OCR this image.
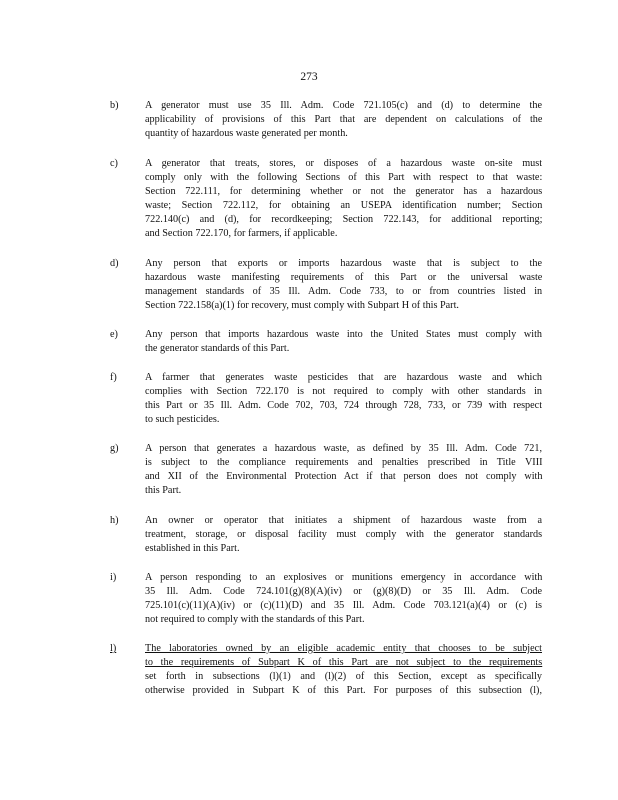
273
b)	A generator must use 35 Ill. Adm. Code 721.105(c) and (d) to determine the
applicability of provisions of this Part that are dependent on calculations of the
quantity of hazardous waste generated per month.
c)	A generator that treats, stores, or disposes of a hazardous waste on-site must
comply only with the following Sections of this Part with respect to that waste:
Section 722.111, for determining whether or not the generator has a hazardous
waste; Section 722.112, for obtaining an USEPA identification number; Section
722.140(c) and (d), for recordkeeping; Section 722.143, for additional reporting;
and Section 722.170, for farmers, if applicable.
d)	Any person that exports or imports hazardous waste that is subject to the
hazardous waste manifesting requirements of this Part or the universal waste
management standards of 35 Ill. Adm. Code 733, to or from countries listed in
Section 722.158(a)(1) for recovery, must comply with Subpart H of this Part.
e)	Any person that imports hazardous waste into the United States must comply with
the generator standards of this Part.
f)	A farmer that generates waste pesticides that are hazardous waste and which
complies with Section 722.170 is not required to comply with other standards in
this Part or 35 Ill. Adm. Code 702, 703, 724 through 728, 733, or 739 with respect
to such pesticides.
g)	A person that generates a hazardous waste, as defined by 35 Ill. Adm. Code 721,
is subject to the compliance requirements and penalties prescribed in Title VIII
and XII of the Environmental Protection Act if that person does not comply with
this Part.
h)	An owner or operator that initiates a shipment of hazardous waste from a
treatment, storage, or disposal facility must comply with the generator standards
established in this Part.
i)	A person responding to an explosives or munitions emergency in accordance with
35 Ill. Adm. Code 724.101(g)(8)(A)(iv) or (g)(8)(D) or 35 Ill. Adm. Code
725.101(c)(11)(A)(iv) or (c)(11)(D) and 35 Ill. Adm. Code 703.121(a)(4) or (c) is
not required to comply with the standards of this Part.
l)	The laboratories owned by an eligible academic entity that chooses to be subject
to the requirements of Subpart K of this Part are not subject to the requirements
set forth in subsections (l)(1) and (l)(2) of this Section, except as specifically
otherwise provided in Subpart K of this Part. For purposes of this subsection (l),
